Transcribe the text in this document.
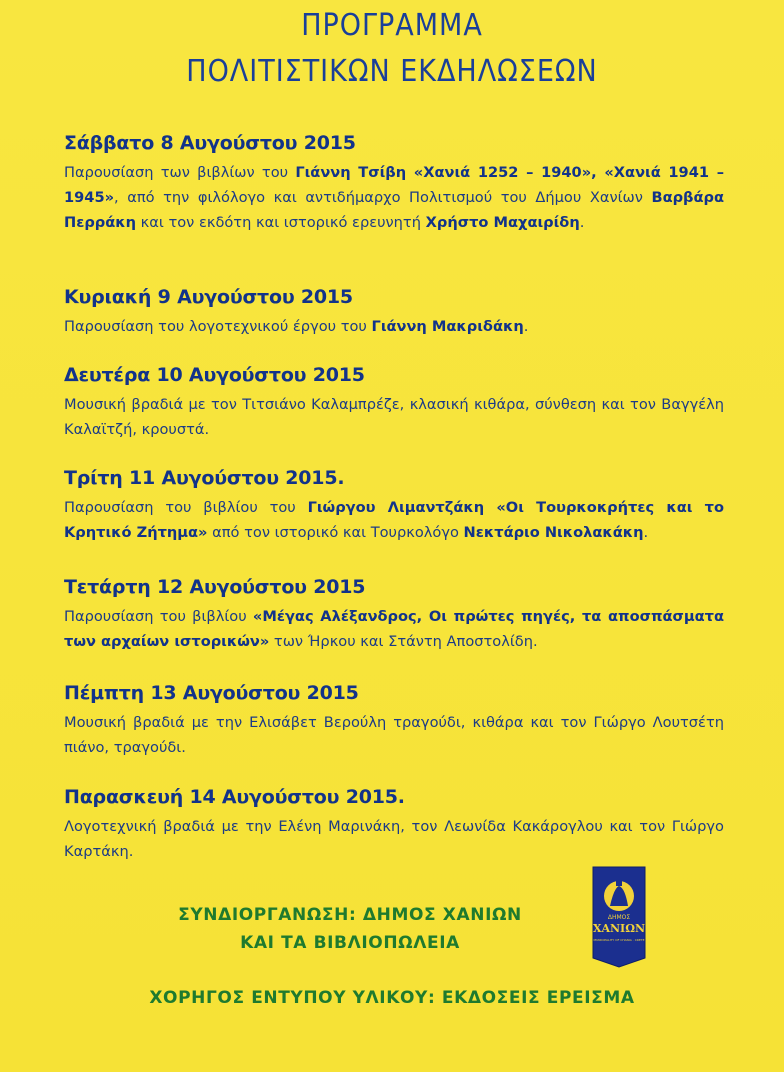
ΠΡΟΓΡΑΜΜΑ
ΠΟΛΙΤΙΣΤΙΚΩΝ ΕΚΔΗΛΩΣΕΩΝ
Σάββατο 8 Αυγούστου 2015

Παρουσίαση των βιβλίων του Γιάννη Τσίβη «Χανιά 1252 – 1940», «Χανιά 1941 – 1945», από την φιλόλογο και αντιδήμαρχο Πολιτισμού του Δήμου Χανίων Βαρβάρα Περράκη και τον εκδότη και ιστορικό ερευνητή Χρήστο Μαχαιρίδη.

Κυριακή 9 Αυγούστου 2015

Παρουσίαση του λογοτεχνικού έργου του Γιάννη Μακριδάκη.

Δευτέρα 10 Αυγούστου 2015

Μουσική βραδιά με τον Τιτσιάνο Καλαμπρέζε, κλασική κιθάρα, σύνθεση και τον Βαγγέλη Καλαϊτζή, κρουστά.

Τρίτη 11 Αυγούστου 2015.

Παρουσίαση του βιβλίου του Γιώργου Λιμαντζάκη «Οι Τουρκοκρήτες και το Κρητικό Ζήτημα» από τον ιστορικό και Τουρκολόγο Νεκτάριο Νικολακάκη.

Τετάρτη 12 Αυγούστου 2015

Παρουσίαση του βιβλίου «Μέγας Αλέξανδρος, Οι πρώτες πηγές, τα αποσπάσματα των αρχαίων ιστορικών» των Ήρκου και Στάντη Αποστολίδη.

Πέμπτη 13 Αυγούστου 2015

Μουσική βραδιά με την Ελισάβετ Βερούλη τραγούδι, κιθάρα και τον Γιώργο Λουτσέτη πιάνο, τραγούδι.

Παρασκευή 14 Αυγούστου 2015.

Λογοτεχνική βραδιά με την Ελένη Μαρινάκη, τον Λεωνίδα Κακάρογλου και τον Γιώργο Καρτάκη.

ΣΥΝΔΙΟΡΓΑΝΩΣΗ: ΔΗΜΟΣ ΧΑΝΙΩΝ
ΚΑΙ ΤΑ ΒΙΒΛΙΟΠΩΛΕΙΑ
ΔΗΜΟΣ
ΧΑΝΙΩΝ
MUNICIPALITY OF CHANIA · CRETE
ΧΟΡΗΓΟΣ ΕΝΤΥΠΟΥ ΥΛΙΚΟΥ: ΕΚΔΟΣΕΙΣ ΕΡΕΙΣΜΑ
